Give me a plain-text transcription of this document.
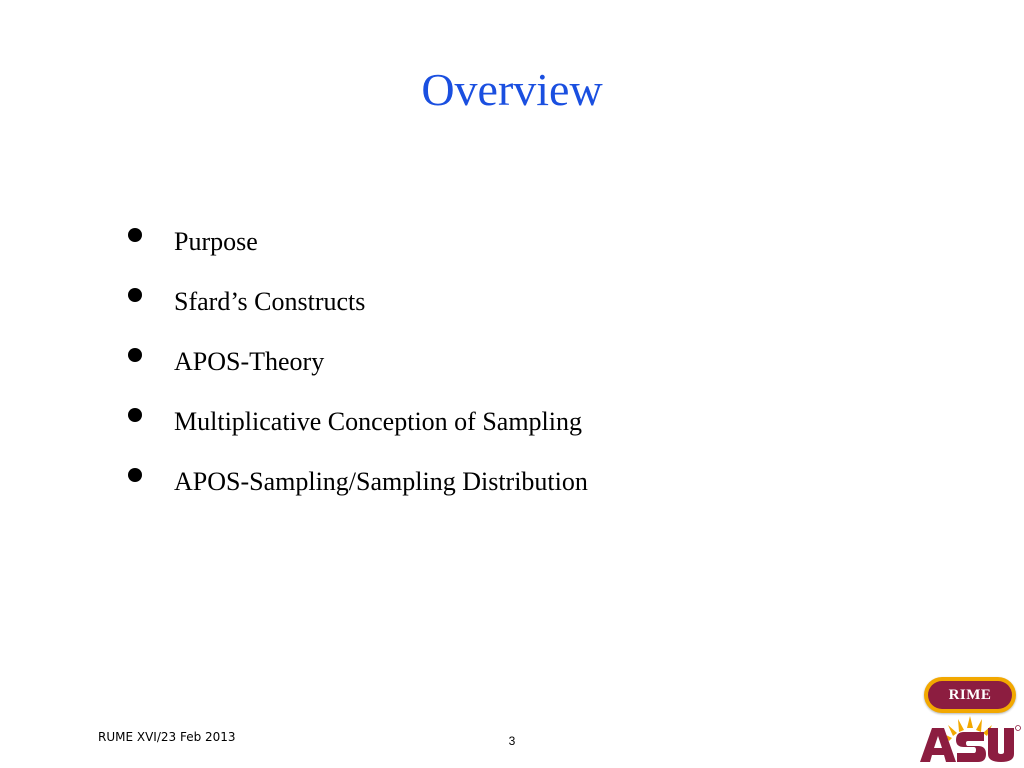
Overview
Purpose
Sfard’s Constructs
APOS-Theory
Multiplicative Conception of Sampling
APOS-Sampling/Sampling Distribution
RUME XVI/23 Feb 2013	3
RIME
